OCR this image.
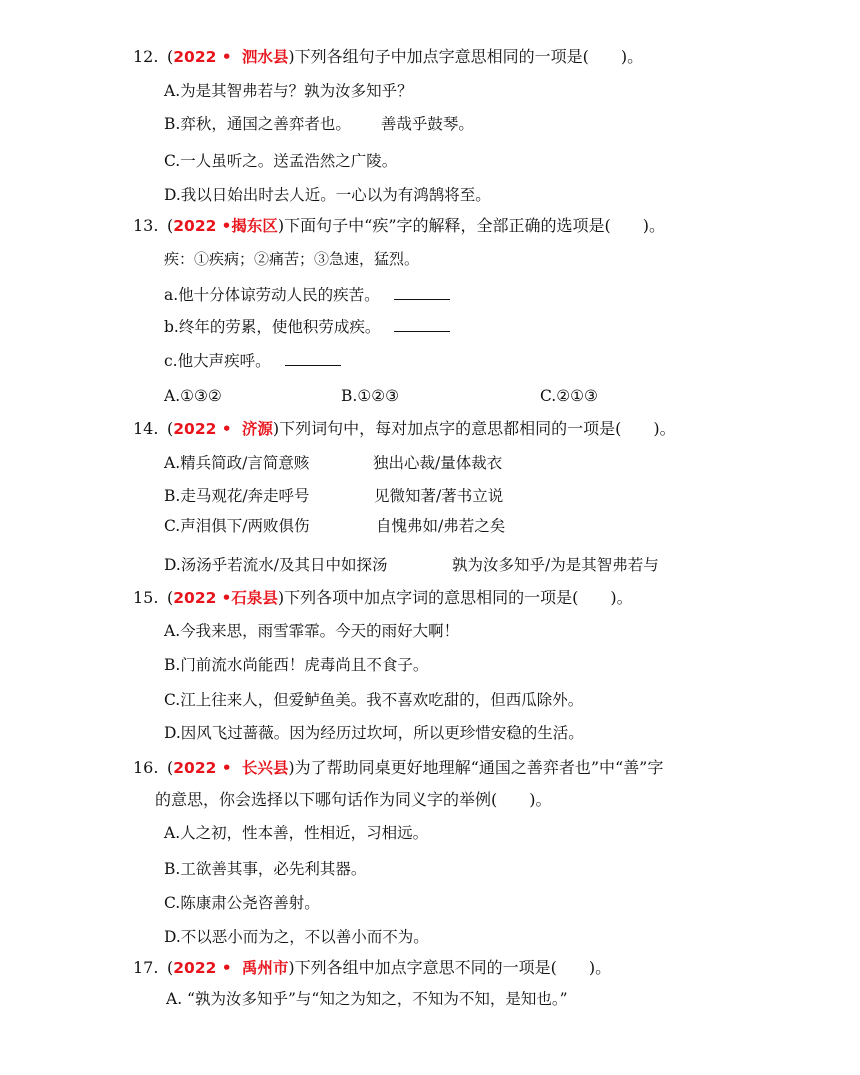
12. (2022 • 泗水县)下列各组句子中加点字意思相同的一项是(　　)。
A.为是其智弗若与？孰为汝多知乎？
B.弈秋，通国之善弈者也。 善哉乎鼓琴。
C.一人虽听之。送孟浩然之广陵。
D.我以日始出时去人近。一心以为有鸿鹄将至。
13. (2022 •揭东区)下面句子中“疾”字的解释，全部正确的选项是(　　)。
疾：①疾病；②痛苦；③急速，猛烈。
a.他十分体谅劳动人民的疾苦。
b.终年的劳累，使他积劳成疾。
c.他大声疾呼。
A.①③②	B.①②③	C.②①③
14. (2022 • 济源)下列词句中，每对加点字的意思都相同的一项是(　　)。
A.精兵简政/言简意赅	独出心裁/量体裁衣
B.走马观花/奔走呼号	见微知著/著书立说
C.声泪俱下/两败俱伤	自愧弗如/弗若之矣
D.汤汤乎若流水/及其日中如探汤	孰为汝多知乎/为是其智弗若与
15. (2022 •石泉县)下列各项中加点字词的意思相同的一项是(　　)。
A.今我来思，雨雪霏霏。今天的雨好大啊！
B.门前流水尚能西！虎毒尚且不食子。
C.江上往来人，但爱鲈鱼美。我不喜欢吃甜的，但西瓜除外。
D.因风飞过蔷薇。因为经历过坎坷，所以更珍惜安稳的生活。
16. (2022 • 长兴县)为了帮助同桌更好地理解“通国之善弈者也”中“善”字
的意思，你会选择以下哪句话作为同义字的举例(　　)。
A.人之初，性本善，性相近，习相远。
B.工欲善其事，必先利其器。
C.陈康肃公尧咨善射。
D.不以恶小而为之，不以善小而不为。
17. (2022 • 禹州市)下列各组中加点字意思不同的一项是(　　)。
A. “孰为汝多知乎”与“知之为知之，不知为不知，是知也。”
